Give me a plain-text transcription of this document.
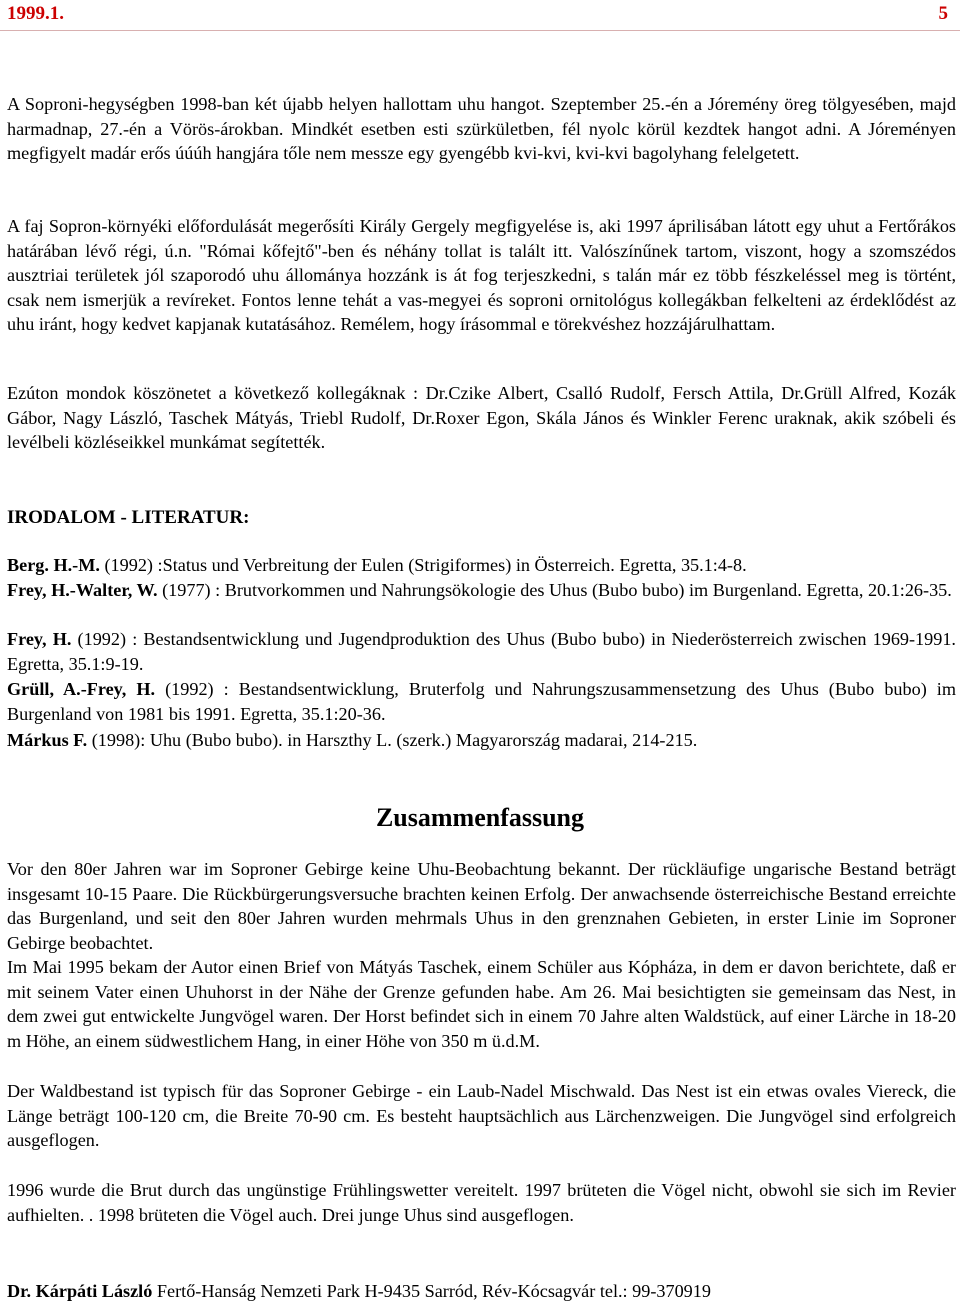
1999.1.	5

A Soproni-hegységben 1998-ban két újabb helyen hallottam uhu hangot. Szeptember 25.-én a Jóremény öreg tölgyesében, majd harmadnap, 27.-én a Vörös-árokban. Mindkét esetben esti szürkületben, fél nyolc körül kezdtek hangot adni. A Jóreményen megfigyelt madár erős úúúh hangjára tőle nem messze egy gyengébb kvi-kvi, kvi-kvi bagolyhang felelgetett.

A faj Sopron-környéki előfordulását megerősíti Király Gergely megfigyelése is, aki 1997 áprilisában látott egy uhut a Fertőrákos határában lévő régi, ú.n. "Római kőfejtő"-ben és néhány tollat is talált itt. Valószínűnek tartom, viszont, hogy a szomszédos ausztriai területek jól szaporodó uhu állománya hozzánk is át fog terjeszkedni, s talán már ez több fészkeléssel meg is történt, csak nem ismerjük a revíreket. Fontos lenne tehát a vas-megyei és soproni ornitológus kollegákban felkelteni az érdeklődést az uhu iránt, hogy kedvet kapjanak kutatásához. Remélem, hogy írásommal e törekvéshez hozzájárulhattam.

Ezúton mondok köszönetet a következő kollegáknak : Dr.Czike Albert, Csalló Rudolf, Fersch Attila, Dr.Grüll Alfred, Kozák Gábor, Nagy László, Taschek Mátyás, Triebl Rudolf, Dr.Roxer Egon, Skála János és Winkler Ferenc uraknak, akik szóbeli és levélbeli közléseikkel munkámat segítették.

IRODALOM - LITERATUR:

Berg. H.-M. (1992) :Status und Verbreitung der Eulen (Strigiformes) in Österreich. Egretta, 35.1:4-8.

Frey, H.-Walter, W. (1977) : Brutvorkommen und Nahrungsökologie des Uhus (Bubo bubo) im Burgenland. Egretta, 20.1:26-35.

Frey, H. (1992) : Bestandsentwicklung und Jugendproduktion des Uhus (Bubo bubo) in Niederösterreich zwischen 1969-1991. Egretta, 35.1:9-19.

Grüll, A.-Frey, H. (1992) : Bestandsentwicklung, Bruterfolg und Nahrungszusammensetzung des Uhus (Bubo bubo) im Burgenland von 1981 bis 1991. Egretta, 35.1:20-36.

Márkus F. (1998): Uhu (Bubo bubo). in Harszthy L. (szerk.) Magyarország madarai, 214-215.

Zusammenfassung

Vor den 80er Jahren war im Soproner Gebirge keine Uhu-Beobachtung bekannt. Der rückläufige ungarische Bestand beträgt insgesamt 10-15 Paare. Die Rückbürgerungsversuche brachten keinen Erfolg. Der anwachsende österreichische Bestand erreichte das Burgenland, und seit den 80er Jahren wurden mehrmals Uhus in den grenznahen Gebieten, in erster Linie im Soproner Gebirge beobachtet.

Im Mai 1995 bekam der Autor einen Brief von Mátyás Taschek, einem Schüler aus Kópháza, in dem er davon berichtete, daß er mit seinem Vater einen Uhuhorst in der Nähe der Grenze gefunden habe. Am 26. Mai besichtigten sie gemeinsam das Nest, in dem zwei gut entwickelte Jungvögel waren. Der Horst befindet sich in einem 70 Jahre alten Waldstück, auf einer Lärche in 18-20 m Höhe, an einem südwestlichem Hang, in einer Höhe von 350 m ü.d.M.

Der Waldbestand ist typisch für das Soproner Gebirge - ein Laub-Nadel Mischwald. Das Nest ist ein etwas ovales Viereck, die Länge beträgt 100-120 cm, die Breite 70-90 cm. Es besteht hauptsächlich aus Lärchenzweigen. Die Jungvögel sind erfolgreich ausgeflogen.

1996 wurde die Brut durch das ungünstige Frühlingswetter vereitelt. 1997 brüteten die Vögel nicht, obwohl sie sich im Revier aufhielten. . 1998 brüteten die Vögel auch. Drei junge Uhus sind ausgeflogen.

Dr. Kárpáti László Fertő-Hanság Nemzeti Park H-9435 Sarród, Rév-Kócsagvár tel.: 99-370919
